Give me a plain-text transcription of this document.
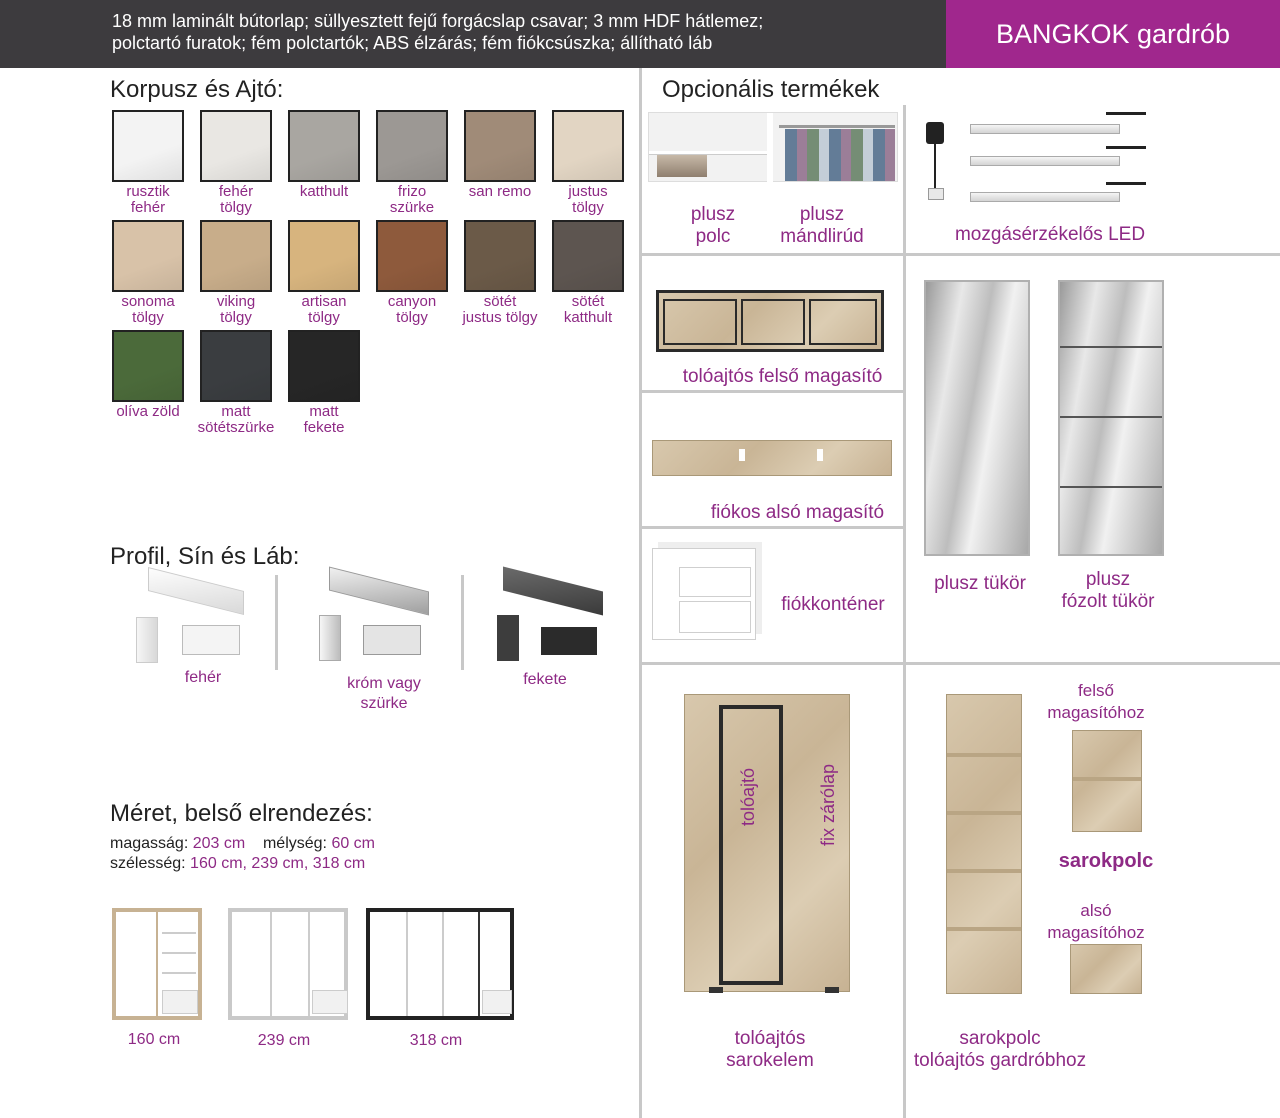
18 mm laminált bútorlap; süllyesztett fejű forgácslap csavar; 3 mm HDF hátlemez;
polctartó furatok; fém polctartók; ABS élzárás; fém fiókcsúszka; állítható láb	BANGKOK gardrób
Korpusz és Ajtó:
rusztik
fehér
fehér
tölgy
katthult	frizo
szürke
san remo	justus
tölgy
sonoma
tölgy
viking
tölgy
artisan
tölgy
canyon
tölgy
sötét
justus tölgy
sötét
katthult
olíva zöld	matt
sötétszürke
matt
fekete
Profil, Sín és Láb:
fehér	króm vagy
szürke
fekete
Méret, belső elrendezés:
magasság: 203 cm mélység: 60 cm
szélesség: 160 cm, 239 cm, 318 cm
160 cm	239 cm	318 cm
Opcionális termékek
plusz
polc
plusz
mándlirúd	mozgásérzékelős LED
tolóajtós felső magasító
fiókos alsó magasító
fiókkonténer
plusz tükör	plusz
fózolt tükör
tolóajtó	fix zárólap
tolóajtós
sarokelem
felső
magasítóhoz
sarokpolc
alsó
magasítóhoz
sarokpolc
tolóajtós gardróbhoz
